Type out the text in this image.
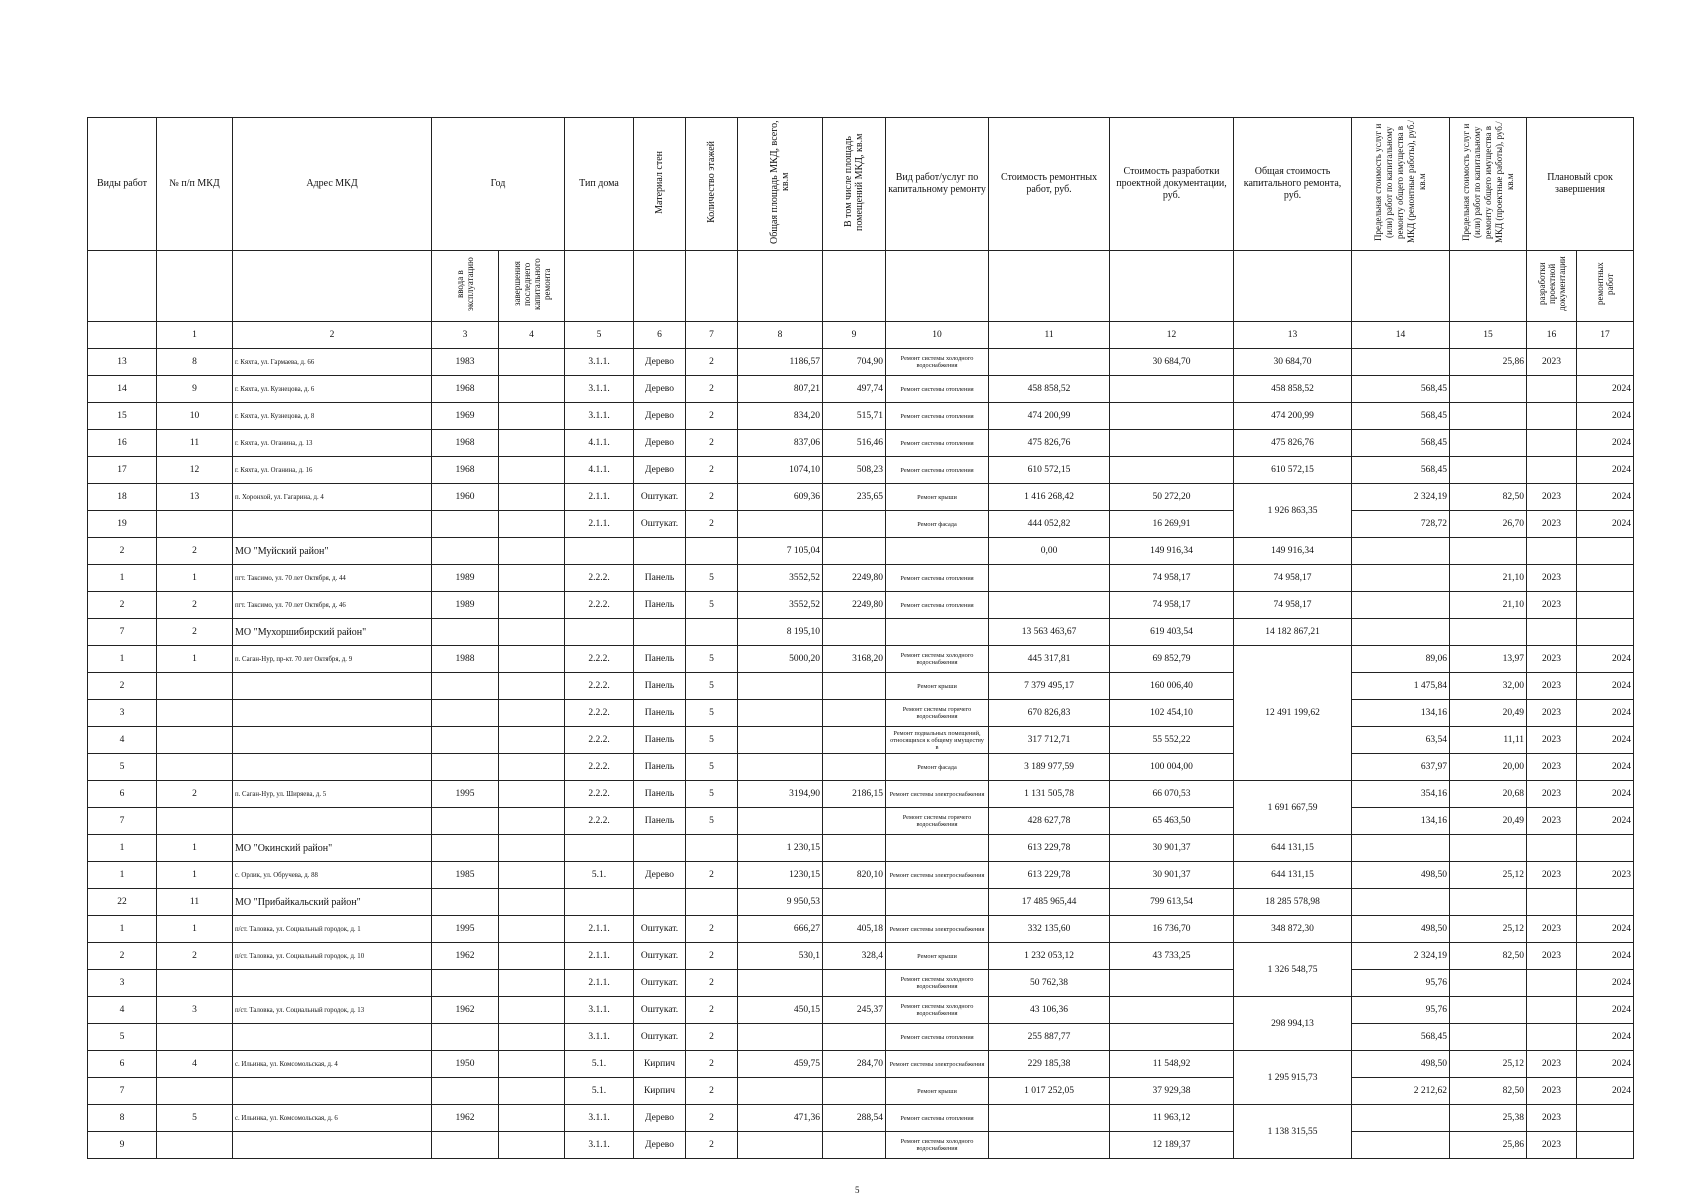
Виды работ	№ п/п МКД	Адрес МКД	Год		Тип дома	Материал стен	Количество этажей	Общая площадь МКД, всего, кв.м	В том числе площадь помещений МКД, кв.м	Вид работ/услуг по капитальному ремонту	Стоимость ремонтных работ, руб.	Стоимость разработки проектной документации, руб.	Общая стоимость капитального ремонта, руб.	Предельная стоимость услуг и (или) работ по капитальному ремонту общего имущества в МКД (ремонтные работы), руб./кв.м	Предельная стоимость услуг и (или) работ по капитальному ремонту общего имущества в МКД (проектные работы), руб./кв.м	Плановый срок завершения	
			ввода в эксплуатацию	завершения последнего капитального ремонта												разработки проектной документации	ремонтных работ
	1	2	3	4	5	6	7	8	9	10	11	12	13	14	15	16	17
13	8	г. Кяхта, ул. Гармаева, д. 66	1983		3.1.1.	Дерево	2	1186,57	704,90	Ремонт системы холодного водоснабжения		30 684,70	30 684,70		25,86	2023	
14	9	г. Кяхта, ул. Кузнецова, д. 6	1968		3.1.1.	Дерево	2	807,21	497,74	Ремонт системы отопления	458 858,52		458 858,52	568,45			2024
15	10	г. Кяхта, ул. Кузнецова, д. 8	1969		3.1.1.	Дерево	2	834,20	515,71	Ремонт системы отопления	474 200,99		474 200,99	568,45			2024
16	11	г. Кяхта, ул. Оганина, д. 13	1968		4.1.1.	Дерево	2	837,06	516,46	Ремонт системы отопления	475 826,76		475 826,76	568,45			2024
17	12	г. Кяхта, ул. Оганина, д. 16	1968		4.1.1.	Дерево	2	1074,10	508,23	Ремонт системы отопления	610 572,15		610 572,15	568,45			2024
18	13	п. Хоронхой, ул. Гагарина, д. 4	1960		2.1.1.	Оштукат.	2	609,36	235,65	Ремонт крыши	1 416 268,42	50 272,20	1 926 863,35	2 324,19	82,50	2023	2024
19					2.1.1.	Оштукат.	2			Ремонт фасада	444 052,82	16 269,91		728,72	26,70	2023	2024
2	2	МО "Муйский район"						7 105,04			0,00	149 916,34	149 916,34				
1	1	пгт. Таксимо, ул. 70 лет Октября, д. 44	1989		2.2.2.	Панель	5	3552,52	2249,80	Ремонт системы отопления		74 958,17	74 958,17		21,10	2023	
2	2	пгт. Таксимо, ул. 70 лет Октября, д. 46	1989		2.2.2.	Панель	5	3552,52	2249,80	Ремонт системы отопления		74 958,17	74 958,17		21,10	2023	
7	2	МО "Мухоршибирский район"						8 195,10			13 563 463,67	619 403,54	14 182 867,21				
1	1	п. Саган-Нур, пр-кт. 70 лет Октября, д. 9	1988		2.2.2.	Панель	5	5000,20	3168,20	Ремонт системы холодного водоснабжения	445 317,81	69 852,79	12 491 199,62	89,06	13,97	2023	2024
2					2.2.2.	Панель	5			Ремонт крыши	7 379 495,17	160 006,40		1 475,84	32,00	2023	2024
3					2.2.2.	Панель	5			Ремонт системы горячего водоснабжения	670 826,83	102 454,10		134,16	20,49	2023	2024
4					2.2.2.	Панель	5			Ремонт подвальных помещений, относящихся к общему имуществу в	317 712,71	55 552,22		63,54	11,11	2023	2024
5					2.2.2.	Панель	5			Ремонт фасада	3 189 977,59	100 004,00		637,97	20,00	2023	2024
6	2	п. Саган-Нур, ул. Ширяева, д. 5	1995		2.2.2.	Панель	5	3194,90	2186,15	Ремонт системы электроснабжения	1 131 505,78	66 070,53	1 691 667,59	354,16	20,68	2023	2024
7					2.2.2.	Панель	5			Ремонт системы горячего водоснабжения	428 627,78	65 463,50		134,16	20,49	2023	2024
1	1	МО "Окинский район"						1 230,15			613 229,78	30 901,37	644 131,15				
1	1	с. Орлик, ул. Обручева, д. 88	1985		5.1.	Дерево	2	1230,15	820,10	Ремонт системы электроснабжения	613 229,78	30 901,37	644 131,15	498,50	25,12	2023	2023
22	11	МО "Прибайкальский район"						9 950,53			17 485 965,44	799 613,54	18 285 578,98				
1	1	п/ст. Таловка, ул. Социальный городок, д. 1	1995		2.1.1.	Оштукат.	2	666,27	405,18	Ремонт системы электроснабжения	332 135,60	16 736,70	348 872,30	498,50	25,12	2023	2024
2	2	п/ст. Таловка, ул. Социальный городок, д. 10	1962		2.1.1.	Оштукат.	2	530,1	328,4	Ремонт крыши	1 232 053,12	43 733,25	1 326 548,75	2 324,19	82,50	2023	2024
3					2.1.1.	Оштукат.	2			Ремонт системы холодного водоснабжения	50 762,38			95,76			2024
4	3	п/ст. Таловка, ул. Социальный городок, д. 13	1962		3.1.1.	Оштукат.	2	450,15	245,37	Ремонт системы холодного водоснабжения	43 106,36		298 994,13	95,76			2024
5					3.1.1.	Оштукат.	2			Ремонт системы отопления	255 887,77			568,45			2024
6	4	с. Ильинка, ул. Комсомольская, д. 4	1950		5.1.	Кирпич	2	459,75	284,70	Ремонт системы электроснабжения	229 185,38	11 548,92	1 295 915,73	498,50	25,12	2023	2024
7					5.1.	Кирпич	2			Ремонт крыши	1 017 252,05	37 929,38		2 212,62	82,50	2023	2024
8	5	с. Ильинка, ул. Комсомольская, д. 6	1962		3.1.1.	Дерево	2	471,36	288,54	Ремонт системы отопления		11 963,12	1 138 315,55		25,38	2023	
9					3.1.1.	Дерево	2			Ремонт системы холодного водоснабжения		12 189,37			25,86	2023	
5
